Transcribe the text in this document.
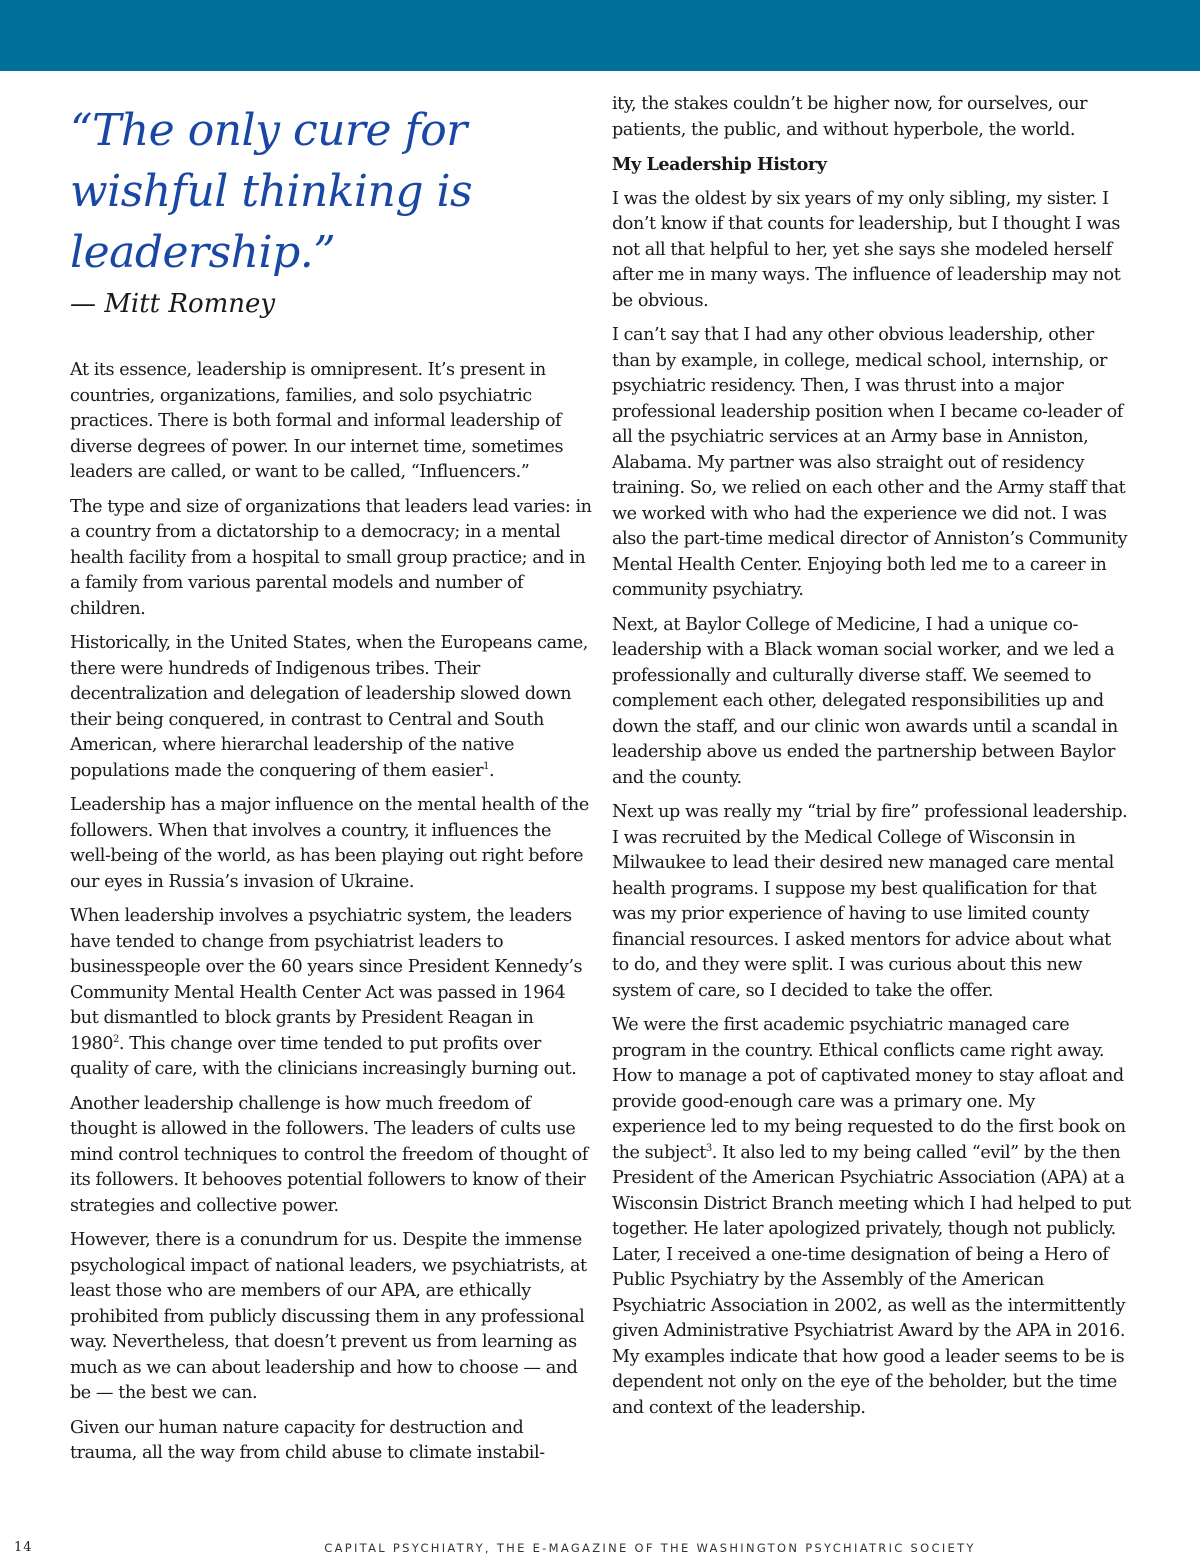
“The only cure for wishful thinking is leadership.”

— Mitt Romney

At its essence, leadership is omnipresent. It’s present in countries, organizations, families, and solo psychiatric practices. There is both formal and informal leadership of diverse degrees of power. In our internet time, sometimes leaders are called, or want to be called, “Influencers.”

The type and size of organizations that leaders lead varies: in a country from a dictatorship to a democracy; in a mental health facility from a hospital to small group practice; and in a family from various parental models and number of children.

Historically, in the United States, when the Europeans came, there were hundreds of Indigenous tribes. Their decentralization and delegation of leadership slowed down their being conquered, in contrast to Central and South American, where hierarchal leadership of the native populations made the conquering of them easier$^1$.

Leadership has a major influence on the mental health of the followers. When that involves a country, it influences the well-being of the world, as has been playing out right before our eyes in Russia’s invasion of Ukraine.

When leadership involves a psychiatric system, the leaders have tended to change from psychiatrist leaders to businesspeople over the 60 years since President Kennedy’s Community Mental Health Center Act was passed in 1964 but dismantled to block grants by President Reagan in 1980$^2$. This change over time tended to put profits over quality of care, with the clinicians increasingly burning out.

Another leadership challenge is how much freedom of thought is allowed in the followers. The leaders of cults use mind control techniques to control the freedom of thought of its followers. It behooves potential followers to know of their strategies and collective power.

However, there is a conundrum for us. Despite the immense psychological impact of national leaders, we psychiatrists, at least those who are members of our APA, are ethically prohibited from publicly discussing them in any professional way. Nevertheless, that doesn’t prevent us from learning as much as we can about leadership and how to choose — and be — the best we can.

Given our human nature capacity for destruction and trauma, all the way from child abuse to climate instabil-

ity, the stakes couldn’t be higher now, for ourselves, our patients, the public, and without hyperbole, the world.

My Leadership History

I was the oldest by six years of my only sibling, my sister. I don’t know if that counts for leadership, but I thought I was not all that helpful to her, yet she says she modeled herself after me in many ways. The influence of leadership may not be obvious.

I can’t say that I had any other obvious leadership, other than by example, in college, medical school, internship, or psychiatric residency. Then, I was thrust into a major professional leadership position when I became co-leader of all the psychiatric services at an Army base in Anniston, Alabama. My partner was also straight out of residency training. So, we relied on each other and the Army staff that we worked with who had the experience we did not. I was also the part-time medical director of Anniston’s Community Mental Health Center. Enjoying both led me to a career in community psychiatry.

Next, at Baylor College of Medicine, I had a unique co-leadership with a Black woman social worker, and we led a professionally and culturally diverse staff. We seemed to complement each other, delegated responsibilities up and down the staff, and our clinic won awards until a scandal in leadership above us ended the partnership between Baylor and the county.

Next up was really my “trial by fire” professional leadership. I was recruited by the Medical College of Wisconsin in Milwaukee to lead their desired new managed care mental health programs. I suppose my best qualification for that was my prior experience of having to use limited county financial resources. I asked mentors for advice about what to do, and they were split. I was curious about this new system of care, so I decided to take the offer.

We were the first academic psychiatric managed care program in the country. Ethical conflicts came right away. How to manage a pot of captivated money to stay afloat and provide good-enough care was a primary one. My experience led to my being requested to do the first book on the subject$^3$. It also led to my being called “evil” by the then President of the American Psychiatric Association (APA) at a Wisconsin District Branch meeting which I had helped to put together. He later apologized privately, though not publicly. Later, I received a one-time designation of being a Hero of Public Psychiatry by the Assembly of the American Psychiatric Association in 2002, as well as the intermittently given Administrative Psychiatrist Award by the APA in 2016. My examples indicate that how good a leader seems to be is dependent not only on the eye of the beholder, but the time and context of the leadership.

14	CAPITAL PSYCHIATRY, THE E-MAGAZINE OF THE WASHINGTON PSYCHIATRIC SOCIETY
